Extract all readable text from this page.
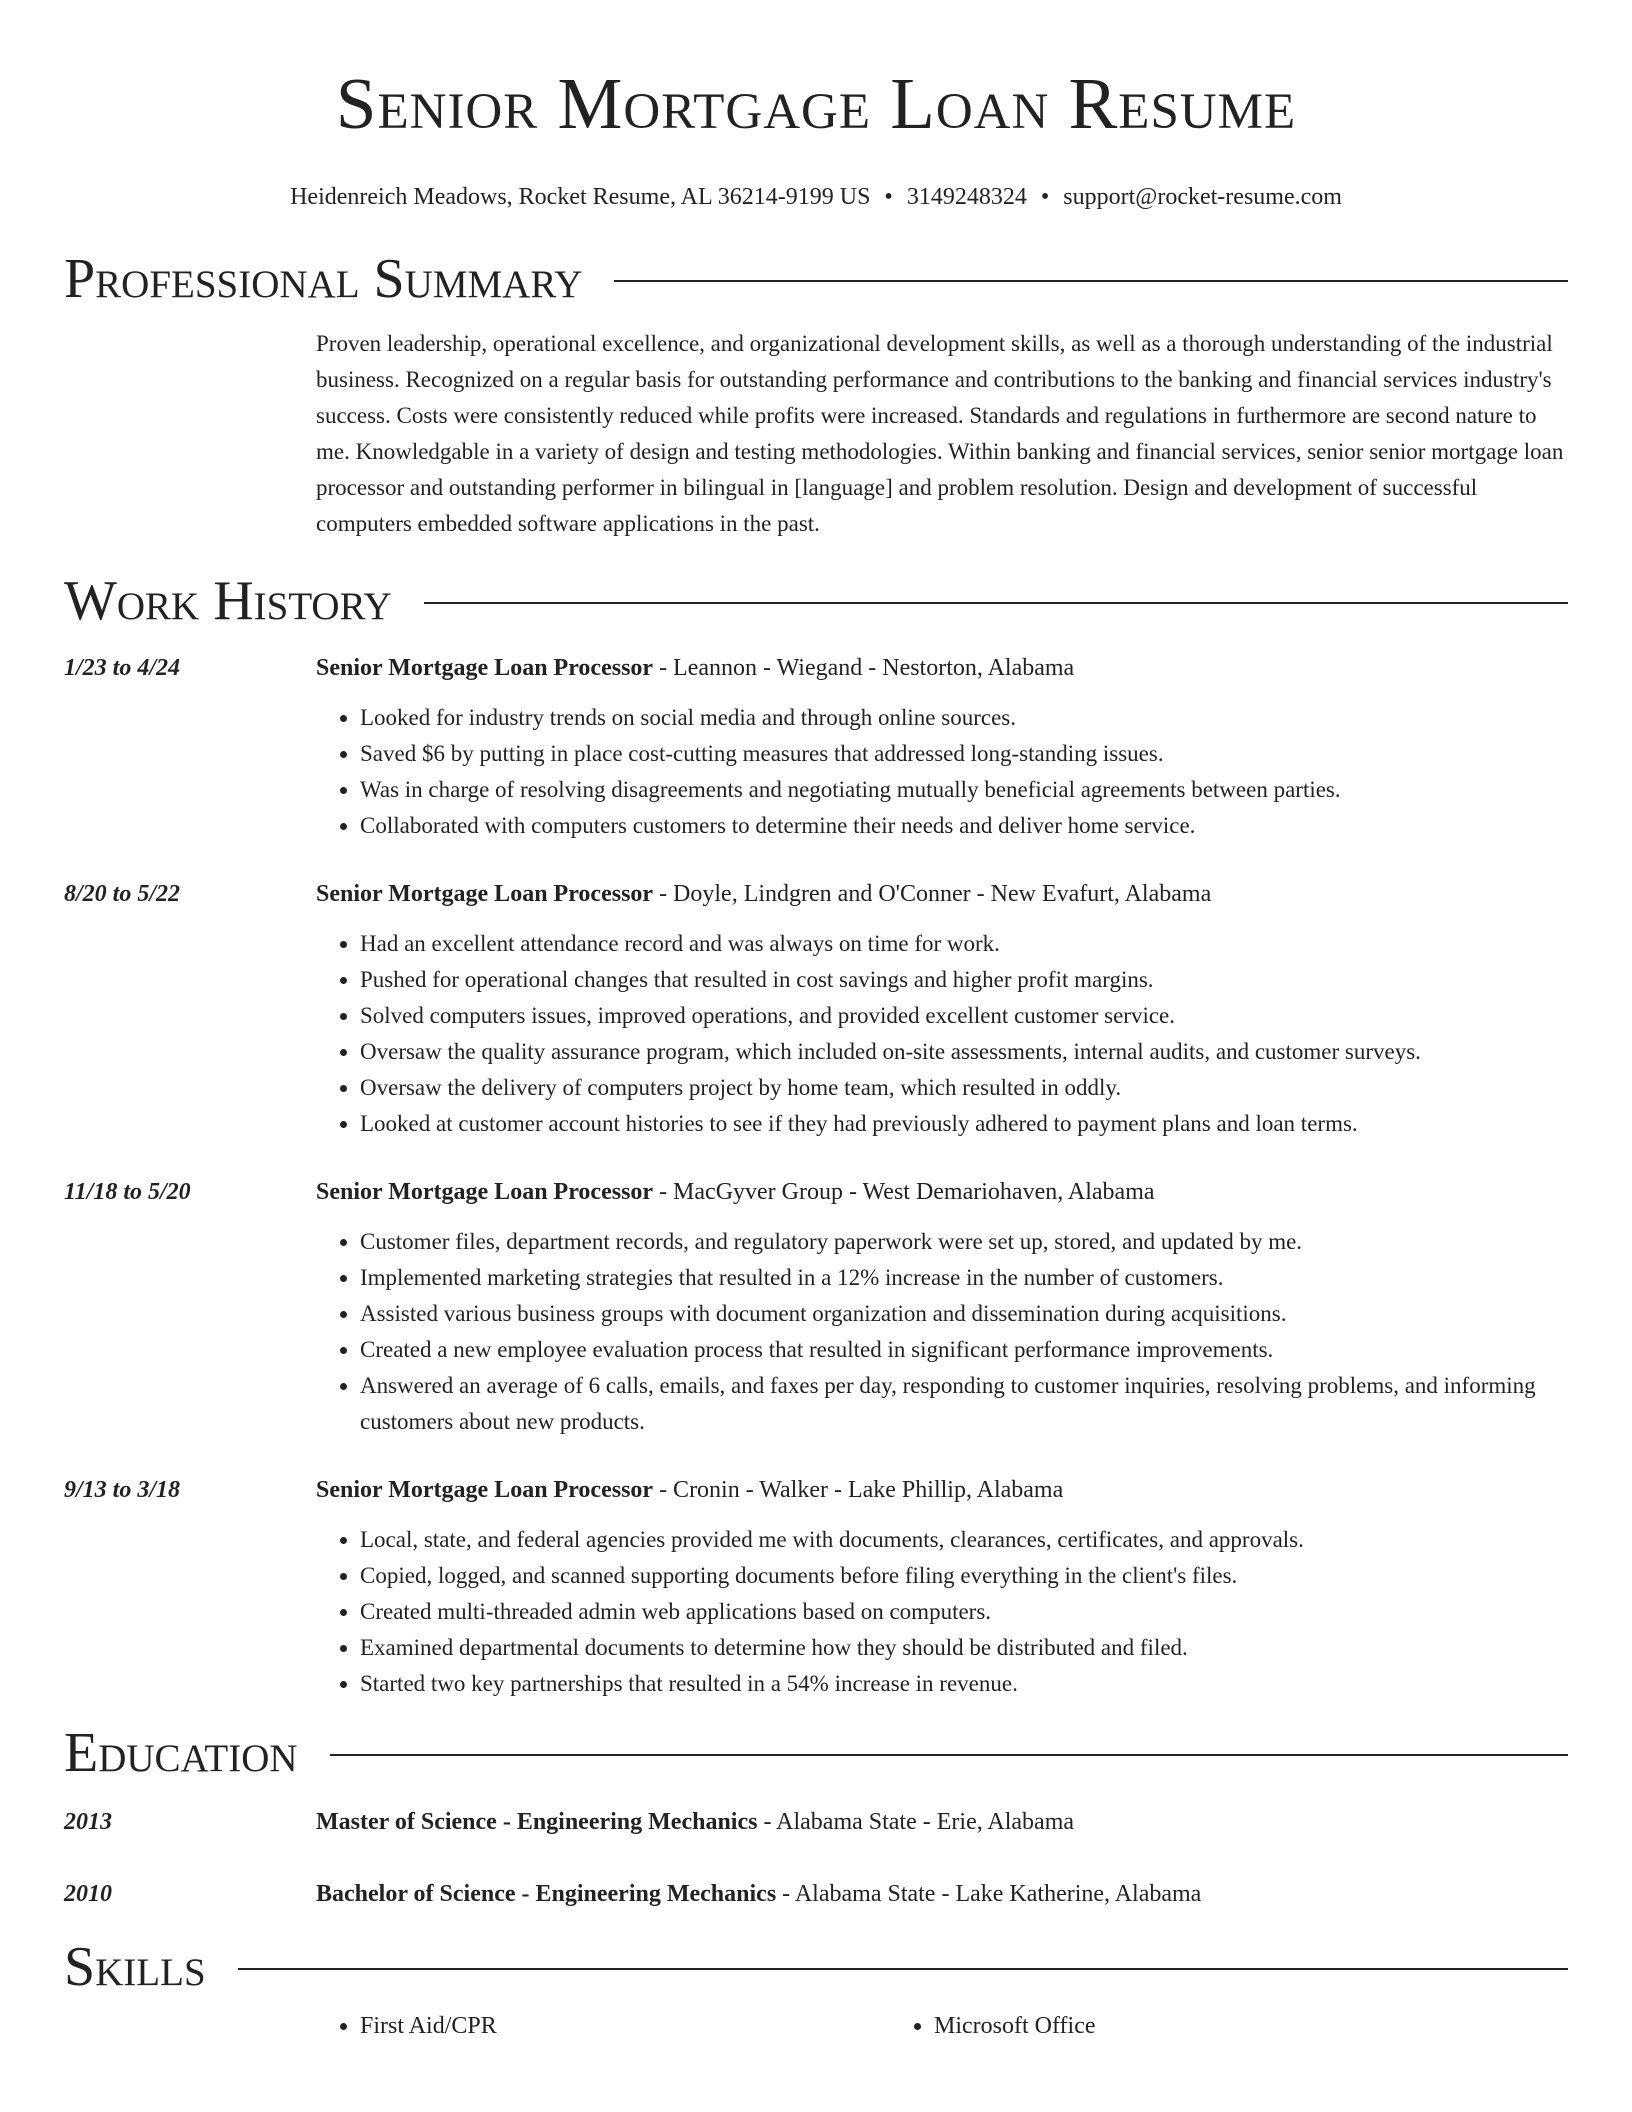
Senior Mortgage Loan Resume
Heidenreich Meadows, Rocket Resume, AL 36214-9199 US • 3149248324 • support@rocket-resume.com
Professional Summary
Proven leadership, operational excellence, and organizational development skills, as well as a thorough understanding of the industrial business. Recognized on a regular basis for outstanding performance and contributions to the banking and financial services industry's success. Costs were consistently reduced while profits were increased. Standards and regulations in furthermore are second nature to me. Knowledgable in a variety of design and testing methodologies. Within banking and financial services, senior senior mortgage loan processor and outstanding performer in bilingual in [language] and problem resolution. Design and development of successful computers embedded software applications in the past.
Work History
1/23 to 4/24	Senior Mortgage Loan Processor - Leannon - Wiegand - Nestorton, Alabama
• Looked for industry trends on social media and through online sources.
• Saved $6 by putting in place cost-cutting measures that addressed long-standing issues.
• Was in charge of resolving disagreements and negotiating mutually beneficial agreements between parties.
• Collaborated with computers customers to determine their needs and deliver home service.
8/20 to 5/22	Senior Mortgage Loan Processor - Doyle, Lindgren and O'Conner - New Evafurt, Alabama
• Had an excellent attendance record and was always on time for work.
• Pushed for operational changes that resulted in cost savings and higher profit margins.
• Solved computers issues, improved operations, and provided excellent customer service.
• Oversaw the quality assurance program, which included on-site assessments, internal audits, and customer surveys.
• Oversaw the delivery of computers project by home team, which resulted in oddly.
• Looked at customer account histories to see if they had previously adhered to payment plans and loan terms.
11/18 to 5/20	Senior Mortgage Loan Processor - MacGyver Group - West Demariohaven, Alabama
• Customer files, department records, and regulatory paperwork were set up, stored, and updated by me.
• Implemented marketing strategies that resulted in a 12% increase in the number of customers.
• Assisted various business groups with document organization and dissemination during acquisitions.
• Created a new employee evaluation process that resulted in significant performance improvements.
• Answered an average of 6 calls, emails, and faxes per day, responding to customer inquiries, resolving problems, and informing customers about new products.
9/13 to 3/18	Senior Mortgage Loan Processor - Cronin - Walker - Lake Phillip, Alabama
• Local, state, and federal agencies provided me with documents, clearances, certificates, and approvals.
• Copied, logged, and scanned supporting documents before filing everything in the client's files.
• Created multi-threaded admin web applications based on computers.
• Examined departmental documents to determine how they should be distributed and filed.
• Started two key partnerships that resulted in a 54% increase in revenue.
Education
2013	Master of Science - Engineering Mechanics - Alabama State - Erie, Alabama
2010	Bachelor of Science - Engineering Mechanics - Alabama State - Lake Katherine, Alabama
Skills
• First Aid/CPR
•	Microsoft Office
